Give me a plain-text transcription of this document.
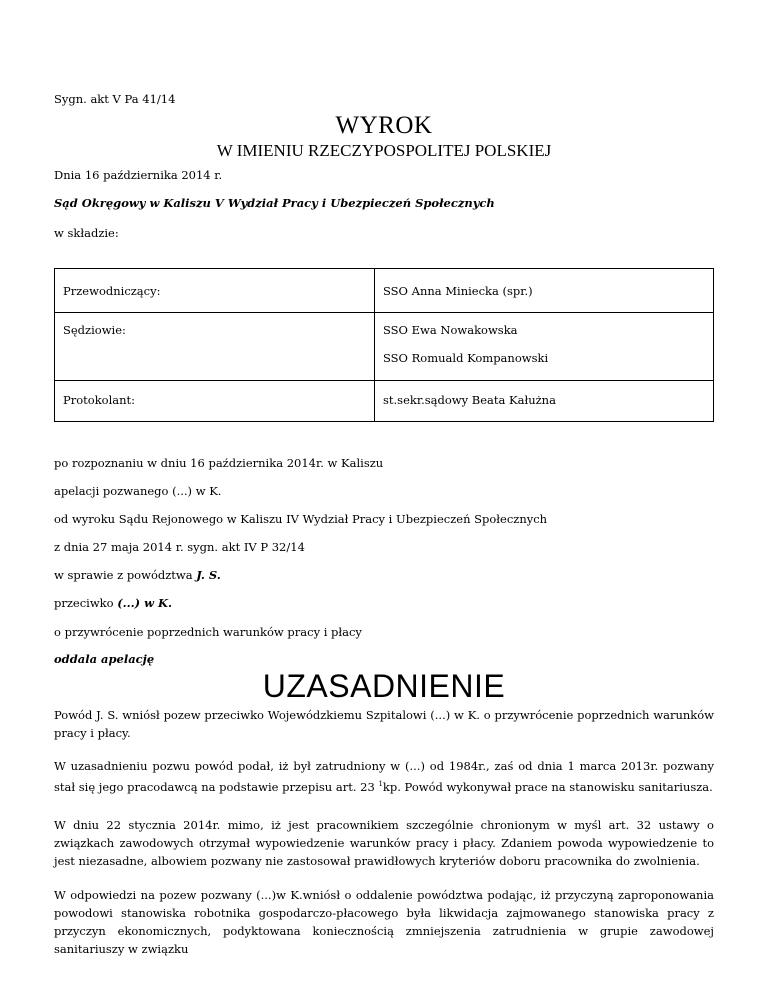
Sygn. akt V Pa 41/14
WYROK
W IMIENIU RZECZYPOSPOLITEJ POLSKIEJ
Dnia 16 października 2014 r.
Sąd Okręgowy w Kaliszu V Wydział Pracy i Ubezpieczeń Społecznych
w składzie:
Przewodniczący:	SSO Anna Miniecka (spr.)
Sędziowie:	SSO Ewa Nowakowska
SSO Romuald Kompanowski

Protokolant:	st.sekr.sądowy Beata Kałużna
po rozpoznaniu w dniu 16 października 2014r. w Kaliszu
apelacji pozwanego (...) w K.
od wyroku Sądu Rejonowego w Kaliszu IV Wydział Pracy i Ubezpieczeń Społecznych
z dnia 27 maja 2014 r. sygn. akt IV P 32/14
w sprawie z powództwa J. S.
przeciwko (...) w K.
o przywrócenie poprzednich warunków pracy i płacy
oddala apelację
UZASADNIENIE
Powód J. S. wniósł pozew przeciwko Wojewódzkiemu Szpitalowi (...) w K. o przywrócenie poprzednich warunków pracy i płacy.
W uzasadnieniu pozwu powód podał, iż był zatrudniony w (...) od 1984r., zaś od dnia 1 marca 2013r. pozwany stał się jego pracodawcą na podstawie przepisu art. 23 $^1$kp. Powód wykonywał prace na stanowisku sanitariusza.
W dniu 22 stycznia 2014r. mimo, iż jest pracownikiem szczególnie chronionym w myśl art. 32 ustawy o związkach zawodowych otrzymał wypowiedzenie warunków pracy i płacy. Zdaniem powoda wypowiedzenie to jest niezasadne, albowiem pozwany nie zastosował prawidłowych kryteriów doboru pracownika do zwolnienia.
W odpowiedzi na pozew pozwany (...)w K.wniósł o oddalenie powództwa podając, iż przyczyną zaproponowania powodowi stanowiska robotnika gospodarczo-płacowego była likwidacja zajmowanego stanowiska pracy z przyczyn ekonomicznych, podyktowana koniecznością zmniejszenia zatrudnienia w grupie zawodowej sanitariuszy w związku
